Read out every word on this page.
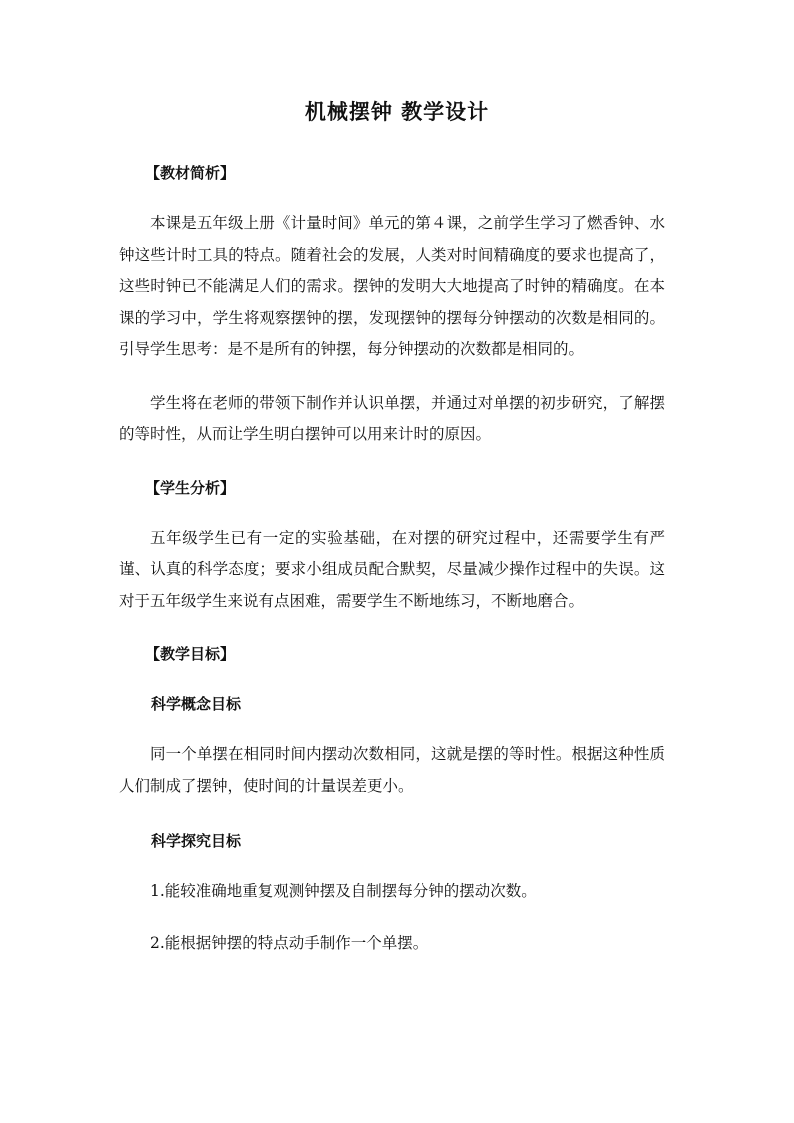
机械摆钟 教学设计
【教材简析】

本课是五年级上册《计量时间》单元的第４课，之前学生学习了燃香钟、水钟这些计时工具的特点。随着社会的发展，人类对时间精确度的要求也提高了，这些时钟已不能满足人们的需求。摆钟的发明大大地提高了时钟的精确度。在本课的学习中，学生将观察摆钟的摆，发现摆钟的摆每分钟摆动的次数是相同的。引导学生思考：是不是所有的钟摆，每分钟摆动的次数都是相同的。

学生将在老师的带领下制作并认识单摆，并通过对单摆的初步研究，了解摆的等时性，从而让学生明白摆钟可以用来计时的原因。

【学生分析】

五年级学生已有一定的实验基础，在对摆的研究过程中，还需要学生有严谨、认真的科学态度；要求小组成员配合默契，尽量减少操作过程中的失误。这对于五年级学生来说有点困难，需要学生不断地练习，不断地磨合。

【教学目标】
科学概念目标

同一个单摆在相同时间内摆动次数相同，这就是摆的等时性。根据这种性质人们制成了摆钟，使时间的计量误差更小。

科学探究目标

1.能较准确地重复观测钟摆及自制摆每分钟的摆动次数。

2.能根据钟摆的特点动手制作一个单摆。
